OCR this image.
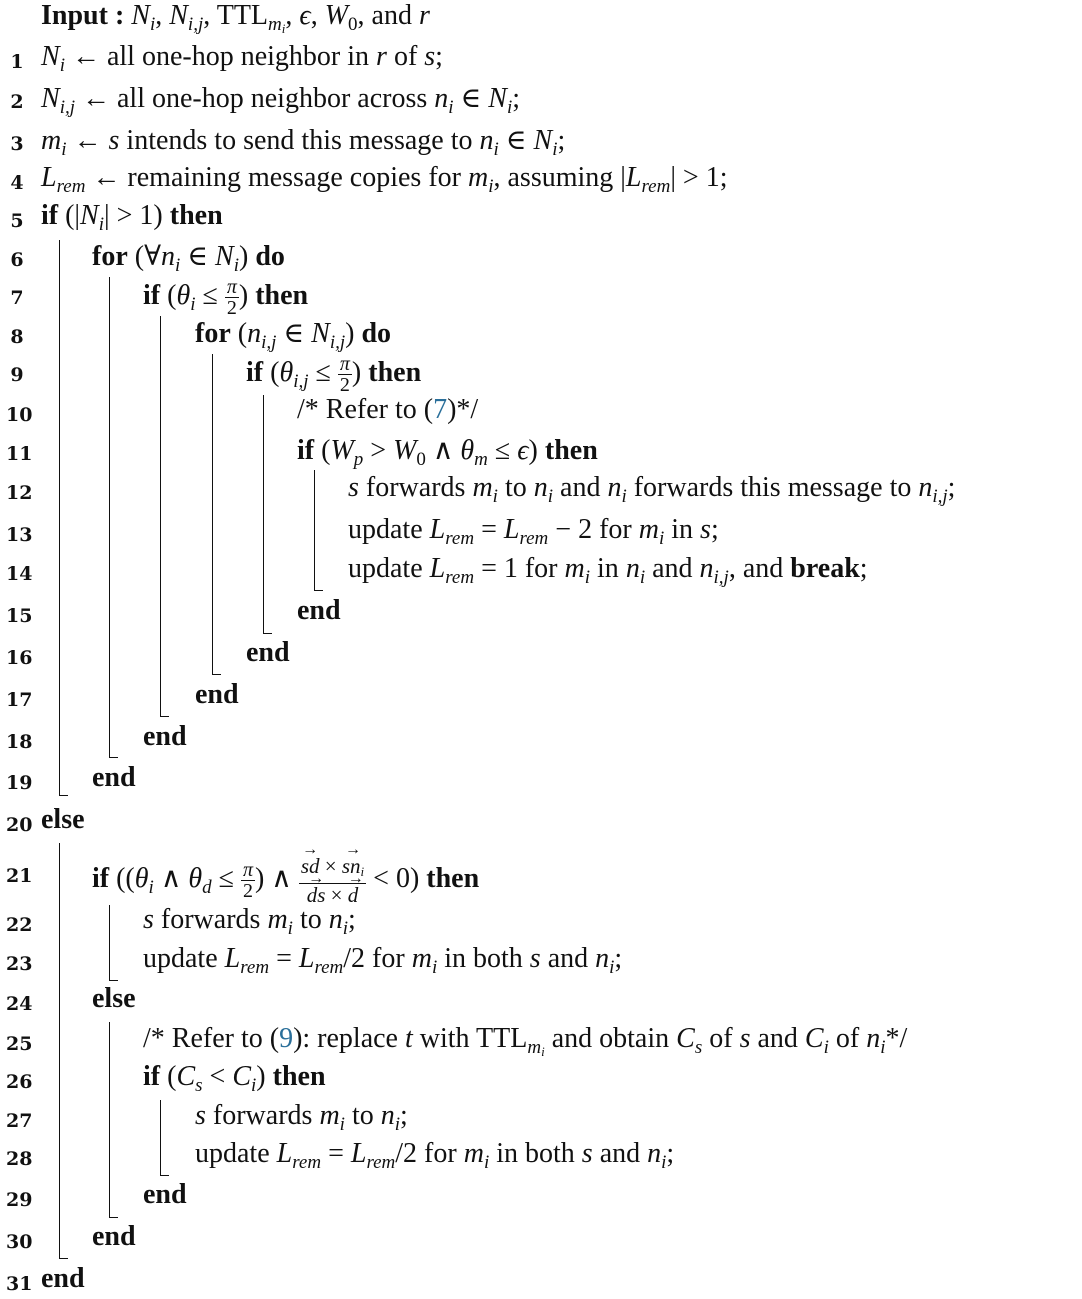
Input : $N_i$, $N_{i,j}$, $TTL_{m_i}$, ϵ, $W_0$, and r
1 $N_i$ ← all one-hop neighbor in r of s;
2 $N_{i,j}$ ← all one-hop neighbor across $n_i$ ∈ $N_i$;
3 $m_i$ ← s intends to send this message to $n_i$ ∈ $N_i$;
4 $L_{rem}$ ← remaining message copies for $m_i$, assuming $|L_{rem}| > 1$;
5 if $(|N_i| > 1)$ then
6 for ($\forall n_i$ ∈ $N_i$) do
7	if ($\theta_i \le \frac{\pi}{2}$ ) then
8	for ($n_{i,j}$ ∈ $N_{i,j}$) do
9	if ($\theta_{i,j} \le \frac{\pi}{2}$ ) then
10	/* Refer to (7)*/
11	if ($W_p > W_0$ ∧ $\theta_m \le \epsilon$) then
12	s forwards $m_i$ to $n_i$ and $n_i$ forwards this message to $n_{i,j}$;
13	update $L_{rem} = L_{rem} - 2$ for $m_i$ in s;
14	update $L_{rem} = 1$ for $m_i$ in $n_i$ and $n_{i,j}$, and break;
15	end
16	end
17	end
18	end
19 end
20 else
21 if (($\theta_i$ ∧ $\theta_d \le \frac{\pi}{2}$ ) ∧
→ sd × → $sn_i$
→ ds × → d < 0) then
22	s forwards $m_i$ to $n_i$;
23	update $L_{rem} = L_{rem}/2$ for $m_i$ in both s and $n_i$;
24 else
25	/* Refer to (9): replace t with $TTL_{m_i}$ and obtain $C_s$ of s and $C_i$ of $n_i*/$
26	if $(C_s < C_i)$ then
27	s forwards $m_i$ to $n_i$;
28	update $L_{rem} = L_{rem}/2$ for $m_i$ in both s and $n_i$;
29	end
30 end
31 end
